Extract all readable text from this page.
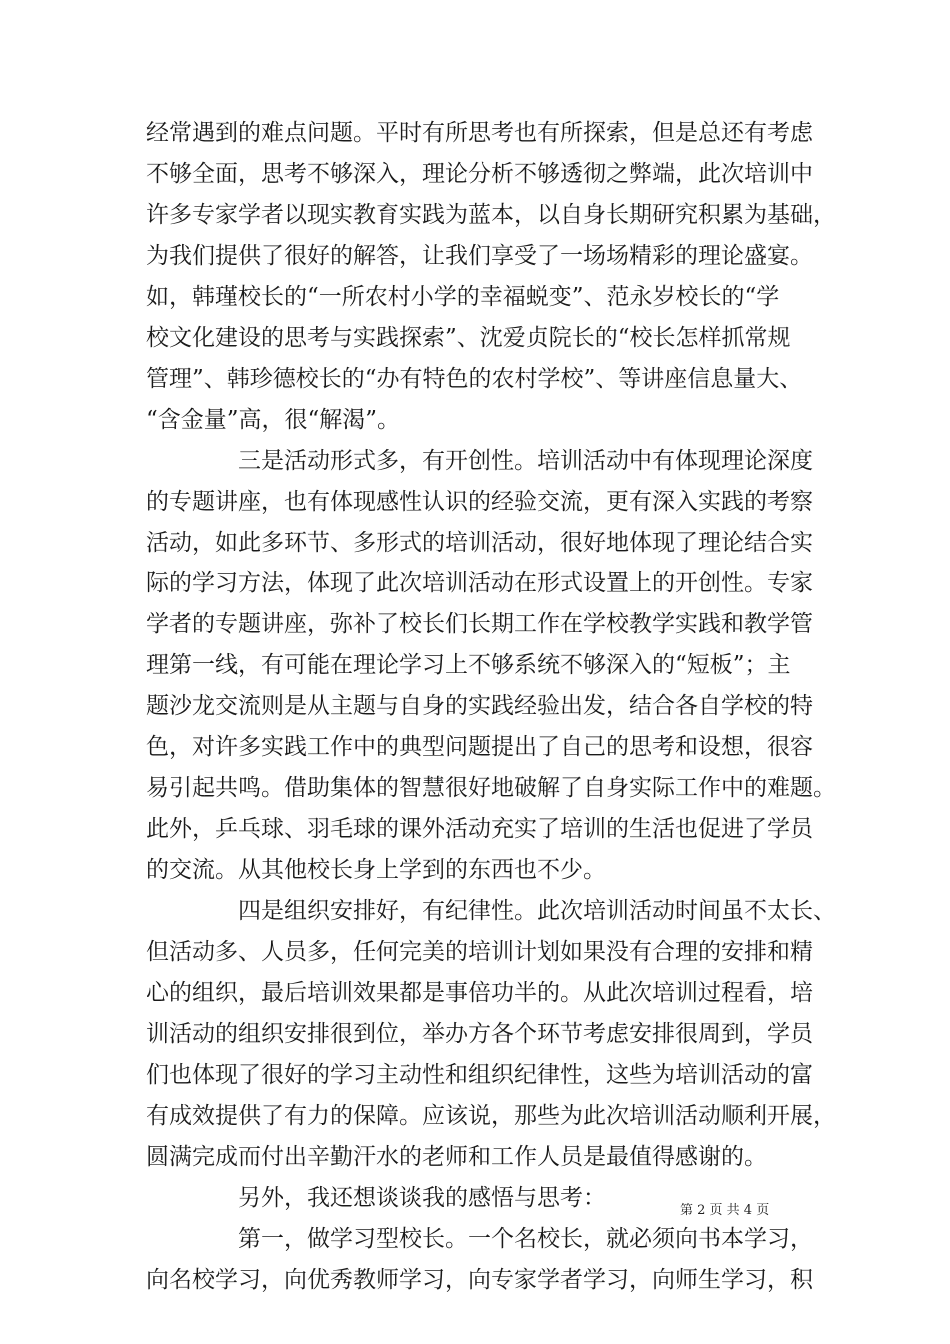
经常遇到的难点问题。平时有所思考也有所探索，但是总还有考虑
不够全面，思考不够深入，理论分析不够透彻之弊端，此次培训中
许多专家学者以现实教育实践为蓝本，以自身长期研究积累为基础，
为我们提供了很好的解答，让我们享受了一场场精彩的理论盛宴。
如，韩瑾校长的“一所农村小学的幸福蜕变”、范永岁校长的“学
校文化建设的思考与实践探索”、沈爱贞院长的“校长怎样抓常规
管理”、韩珍德校长的“办有特色的农村学校”、等讲座信息量大、
“含金量”高，很“解渴”。
　　　　三是活动形式多，有开创性。培训活动中有体现理论深度
的专题讲座，也有体现感性认识的经验交流，更有深入实践的考察
活动，如此多环节、多形式的培训活动，很好地体现了理论结合实
际的学习方法，体现了此次培训活动在形式设置上的开创性。专家
学者的专题讲座，弥补了校长们长期工作在学校教学实践和教学管
理第一线，有可能在理论学习上不够系统不够深入的“短板”；主
题沙龙交流则是从主题与自身的实践经验出发，结合各自学校的特
色，对许多实践工作中的典型问题提出了自己的思考和设想，很容
易引起共鸣。借助集体的智慧很好地破解了自身实际工作中的难题。
此外，乒乓球、羽毛球的课外活动充实了培训的生活也促进了学员
的交流。从其他校长身上学到的东西也不少。
　　　　四是组织安排好，有纪律性。此次培训活动时间虽不太长、
但活动多、人员多，任何完美的培训计划如果没有合理的安排和精
心的组织，最后培训效果都是事倍功半的。从此次培训过程看，培
训活动的组织安排很到位，举办方各个环节考虑安排很周到，学员
们也体现了很好的学习主动性和组织纪律性，这些为培训活动的富
有成效提供了有力的保障。应该说，那些为此次培训活动顺利开展，
圆满完成而付出辛勤汗水的老师和工作人员是最值得感谢的。
　　　　另外，我还想谈谈我的感悟与思考：
　　　　第一，做学习型校长。一个名校长，就必须向书本学习，
向名校学习，向优秀教师学习，向专家学者学习，向师生学习，积
第 2 页 共 4 页
